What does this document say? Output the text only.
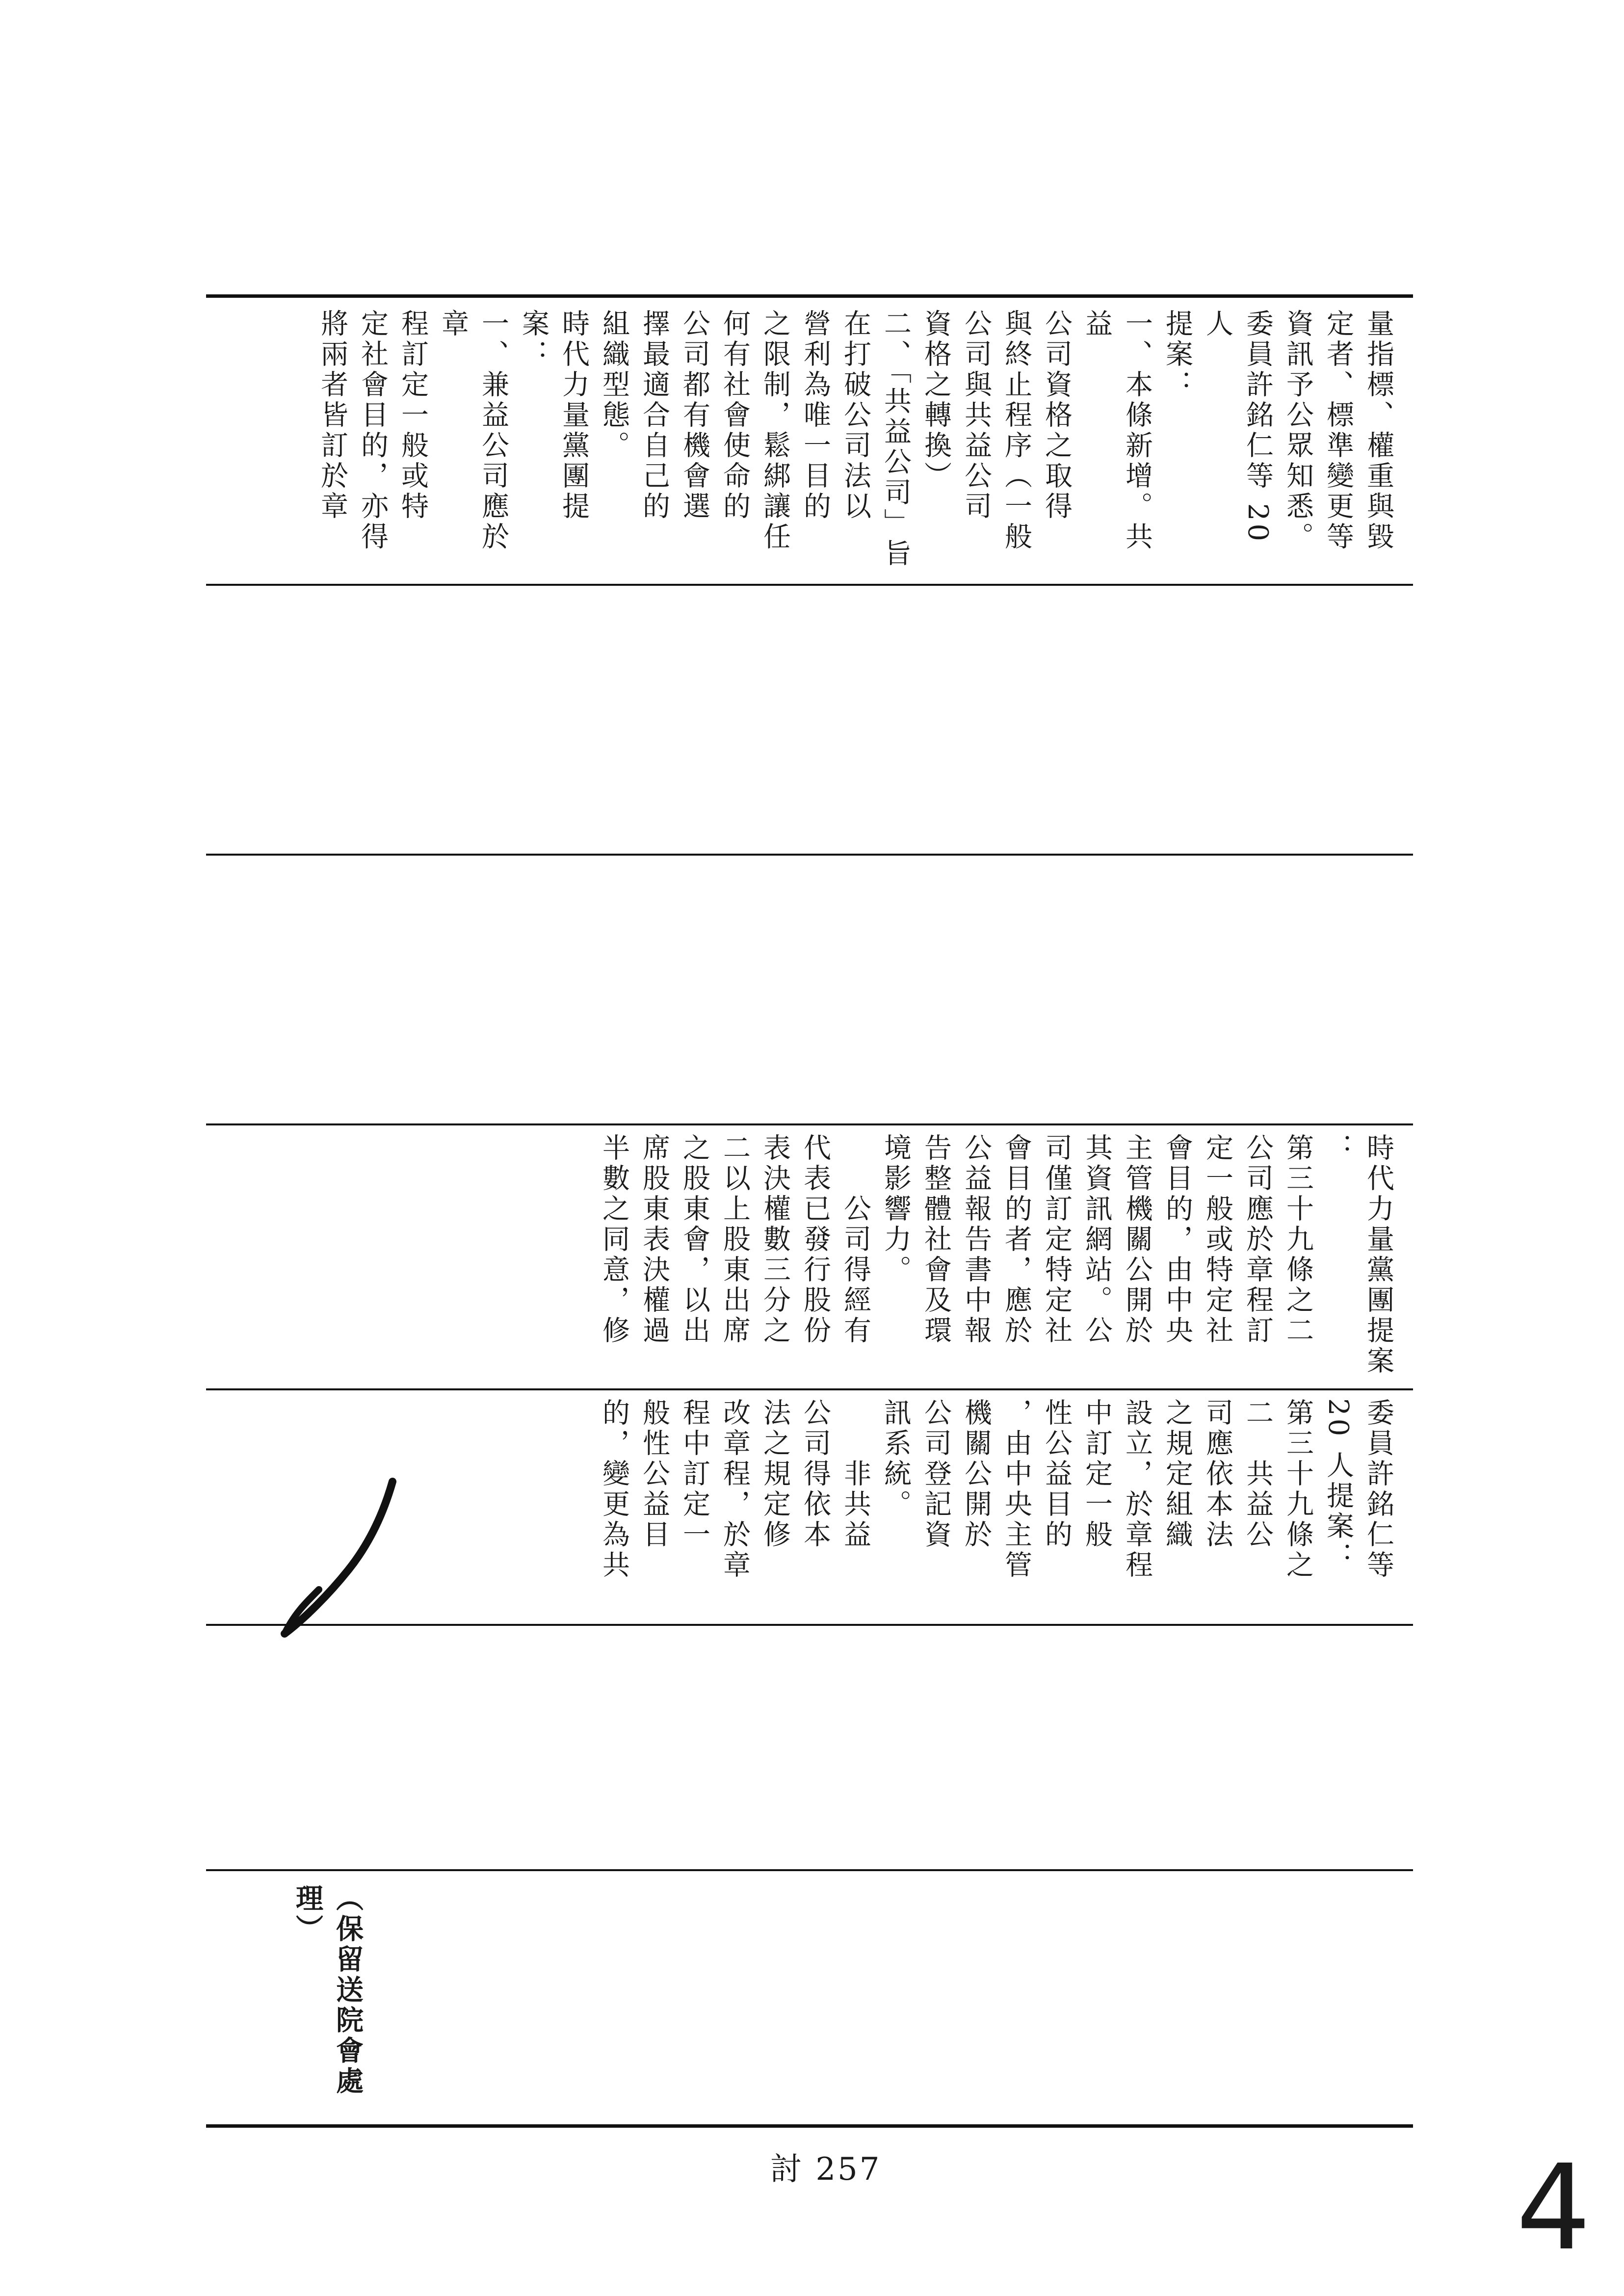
量指標、權重與毀
定者、標準變更等
資訊予公眾知悉。
委員許銘仁等 20 人
提案：
一、本條新增。共益
公司資格之取得
與終止程序（一般
公司與共益公司
資格之轉換）
二、「共益公司」旨
在打破公司法以
營利為唯一目的
之限制，鬆綁讓任
何有社會使命的
公司都有機會選
擇最適合自己的
組織型態。
時代力量黨團提案：
一、兼益公司應於章
程訂定一般或特
定社會目的，亦得
將兩者皆訂於章
時代力量黨團提案
：
第三十九條之二
公司應於章程訂
定一般或特定社
會目的，由中央
主管機關公開於
其資訊網站。公
司僅訂定特定社
會目的者，應於
公益報告書中報
告整體社會及環
境影響力。
　　公司得經有
代表已發行股份
表決權數三分之
二以上股東出席
之股東會，以出
席股東表決權過
半數之同意，修
委員許銘仁等
20 人提案：
第三十九條之
二　共益公
司應依本法
之規定組織
設立，於章程
中訂定一般
性公益目的
，由中央主管
機關公開於
公司登記資
訊系統。
　　非共益
公司得依本
法之規定修
改章程，於章
程中訂定一
般性公益目
的，變更為共
（保留送院會處理）
討 257	4
